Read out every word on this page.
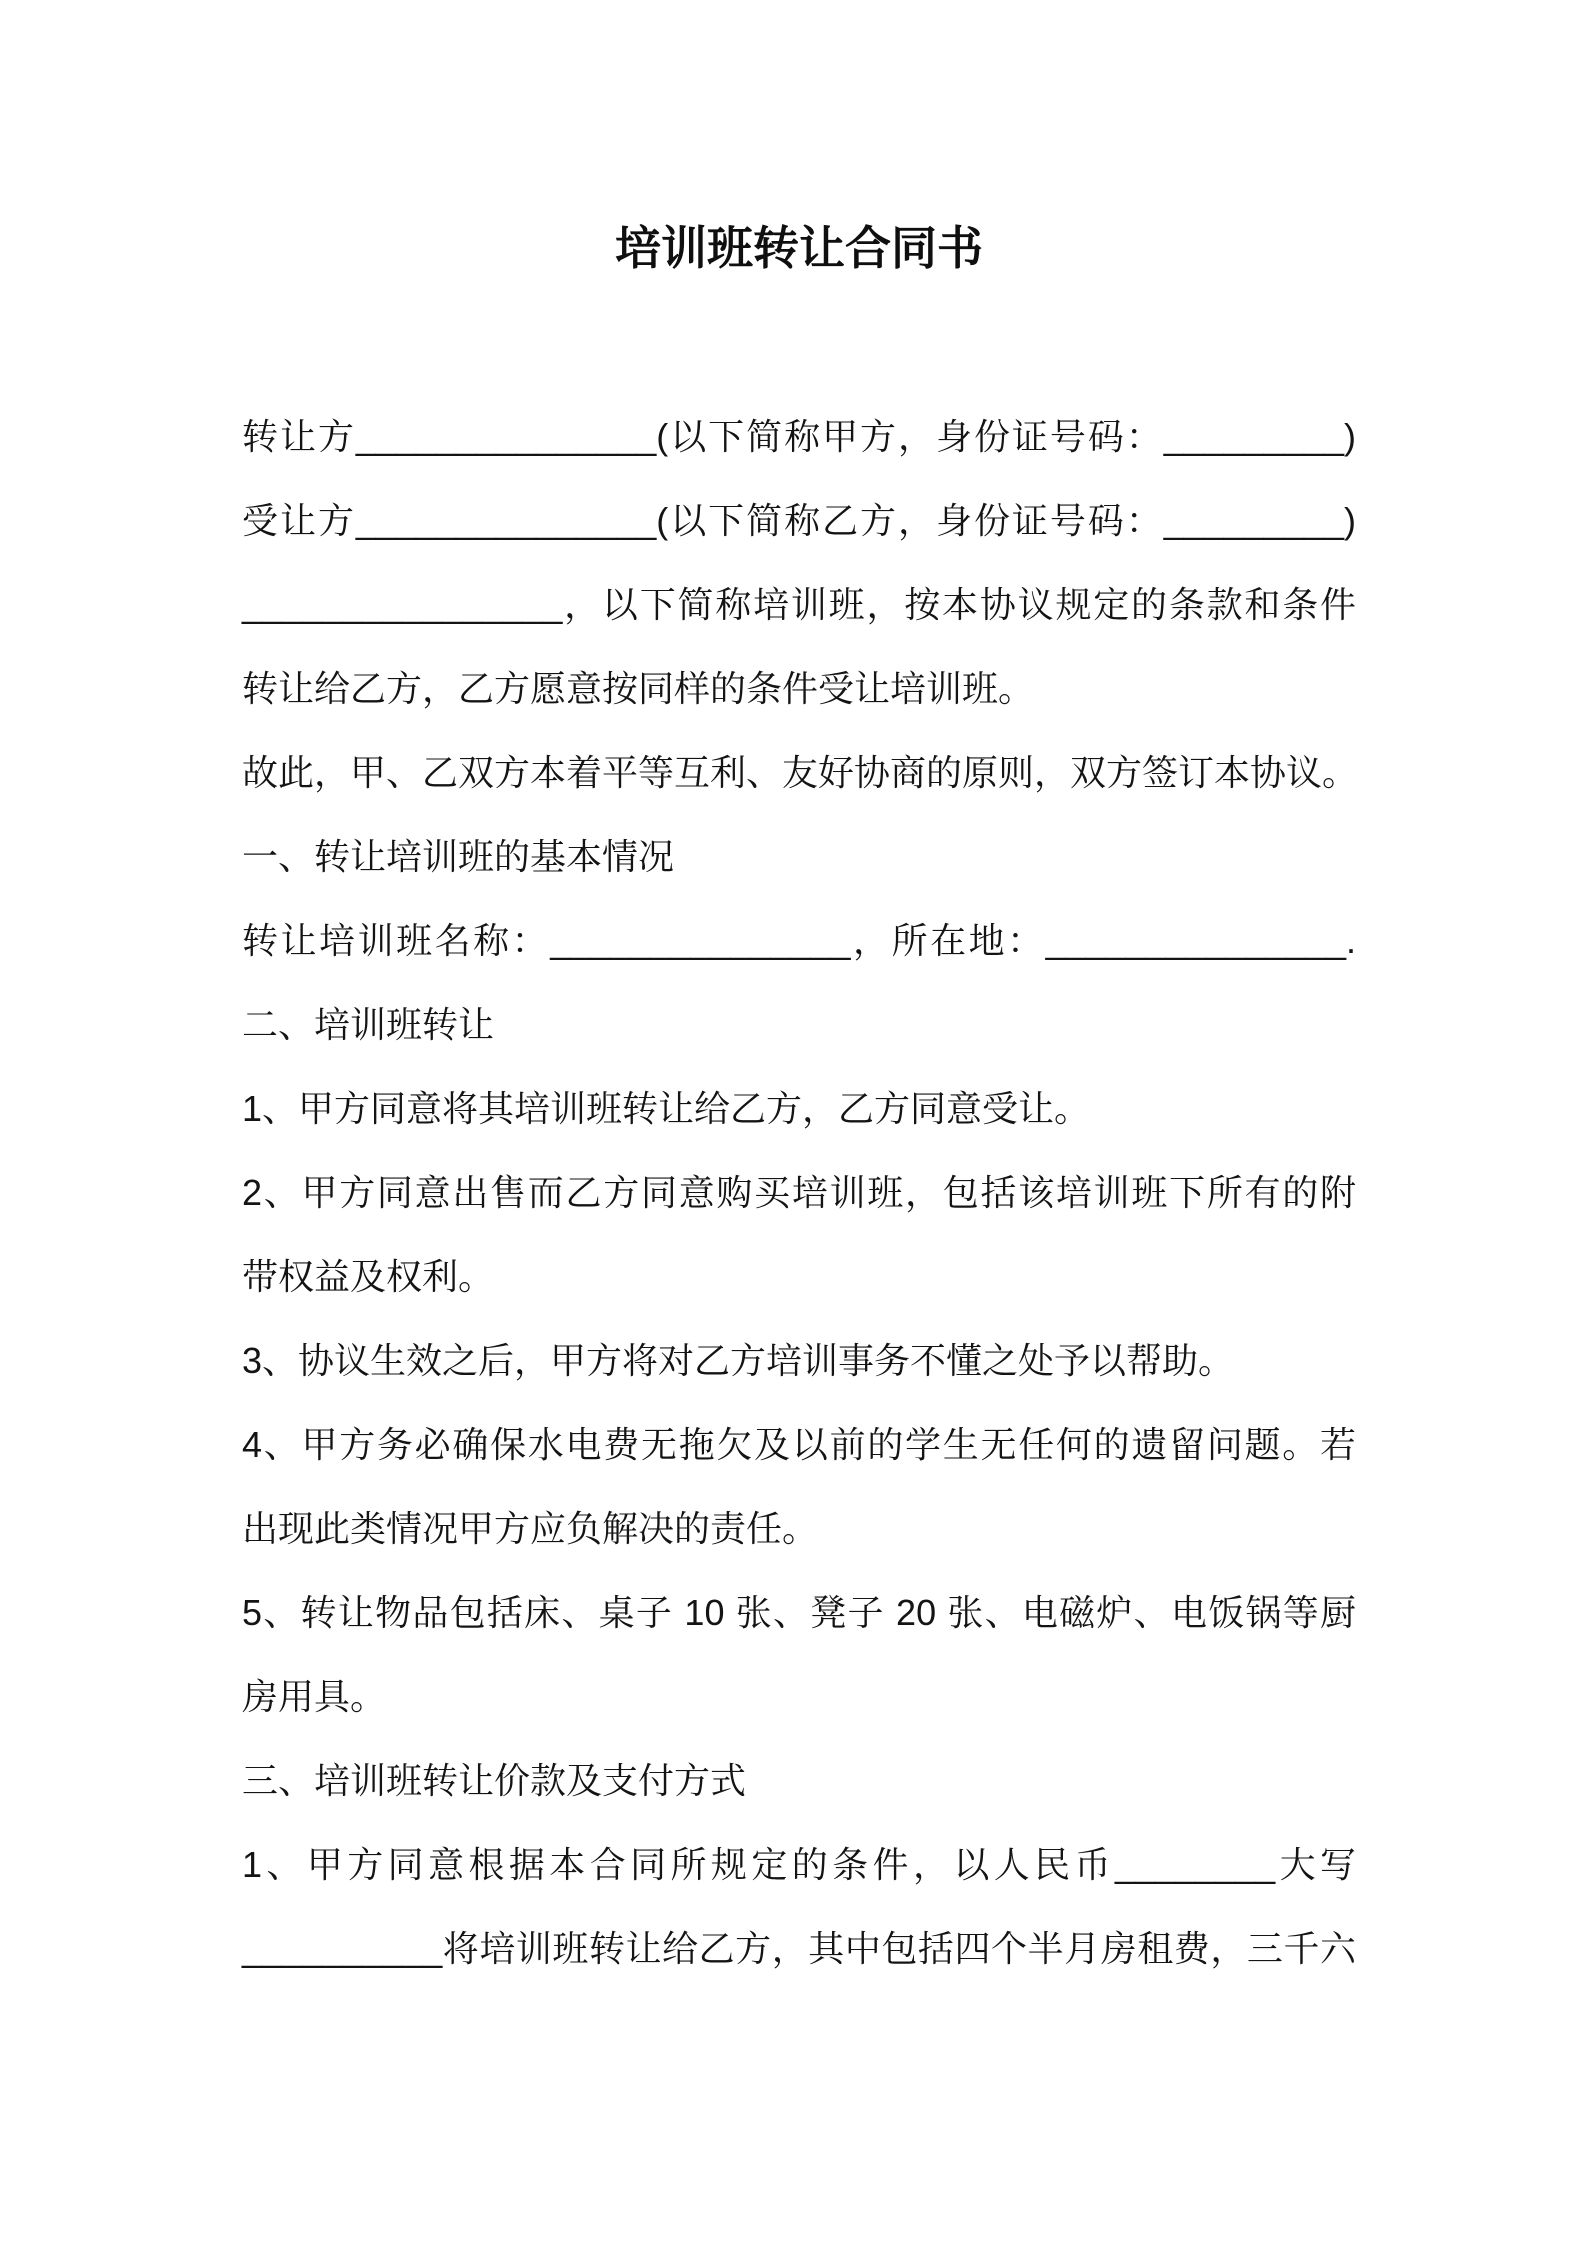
培训班转让合同书
转让方_______________(以下简称甲方，身份证号码：_________)
受让方_______________(以下简称乙方，身份证号码：_________)
________________，以下简称培训班，按本协议规定的条款和条件
转让给乙方，乙方愿意按同样的条件受让培训班。
故此，甲、乙双方本着平等互利、友好协商的原则，双方签订本协议。
一、转让培训班的基本情况
转让培训班名称：_______________，所在地：_______________.
二、培训班转让
1、甲方同意将其培训班转让给乙方，乙方同意受让。
2、甲方同意出售而乙方同意购买培训班，包括该培训班下所有的附
带权益及权利。
3、协议生效之后，甲方将对乙方培训事务不懂之处予以帮助。
4、甲方务必确保水电费无拖欠及以前的学生无任何的遗留问题。若
出现此类情况甲方应负解决的责任。
5、转让物品包括床、桌子 10 张、凳子 20 张、电磁炉、电饭锅等厨
房用具。
三、培训班转让价款及支付方式
1、甲方同意根据本合同所规定的条件，以人民币________大写
__________将培训班转让给乙方，其中包括四个半月房租费，三千六
